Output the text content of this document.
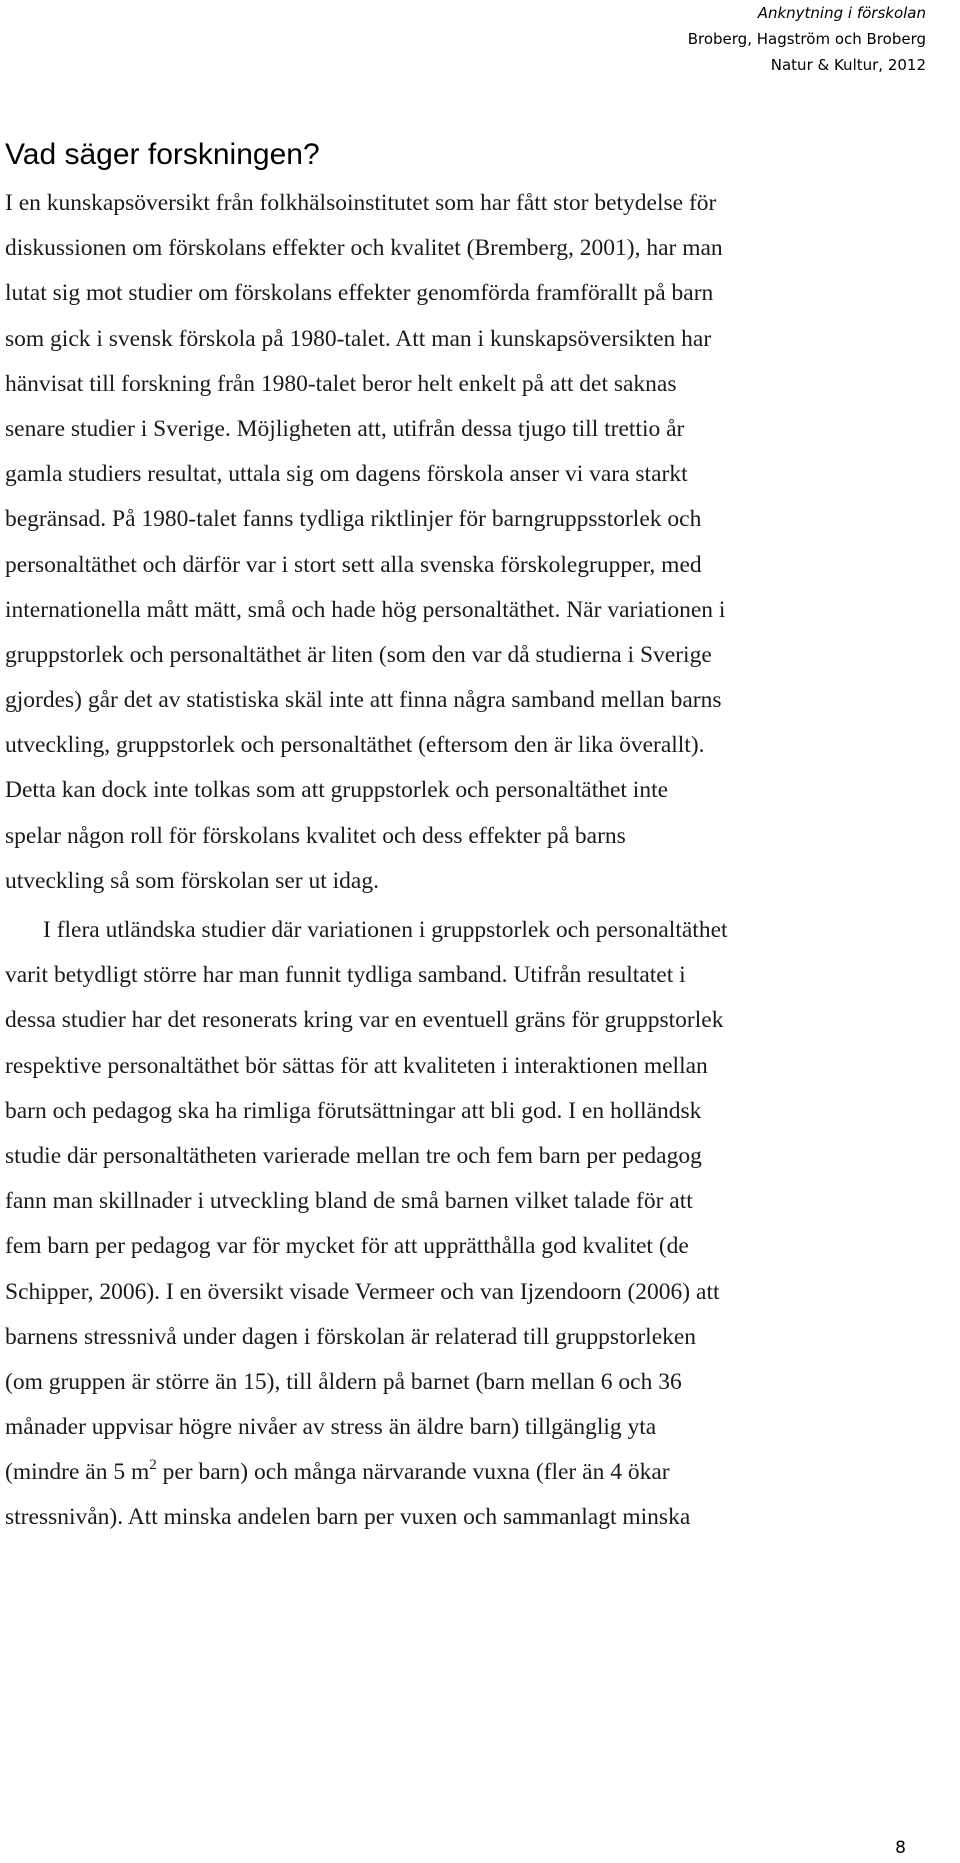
Anknytning i förskolan
Broberg, Hagström och Broberg
Natur & Kultur, 2012
Vad säger forskningen?
I en kunskapsöversikt från folkhälsoinstitutet som har fått stor betydelse för
diskussionen om förskolans effekter och kvalitet (Bremberg, 2001), har man
lutat sig mot studier om förskolans effekter genomförda framförallt på barn
som gick i svensk förskola på 1980-talet. Att man i kunskapsöversikten har
hänvisat till forskning från 1980-talet beror helt enkelt på att det saknas
senare studier i Sverige. Möjligheten att, utifrån dessa tjugo till trettio år
gamla studiers resultat, uttala sig om dagens förskola anser vi vara starkt
begränsad. På 1980-talet fanns tydliga riktlinjer för barngruppsstorlek och
personaltäthet och därför var i stort sett alla svenska förskolegrupper, med
internationella mått mätt, små och hade hög personaltäthet. När variationen i
gruppstorlek och personaltäthet är liten (som den var då studierna i Sverige
gjordes) går det av statistiska skäl inte att finna några samband mellan barns
utveckling, gruppstorlek och personaltäthet (eftersom den är lika överallt).
Detta kan dock inte tolkas som att gruppstorlek och personaltäthet inte
spelar någon roll för förskolans kvalitet och dess effekter på barns
utveckling så som förskolan ser ut idag.
I flera utländska studier där variationen i gruppstorlek och personaltäthet
varit betydligt större har man funnit tydliga samband. Utifrån resultatet i
dessa studier har det resonerats kring var en eventuell gräns för gruppstorlek
respektive personaltäthet bör sättas för att kvaliteten i interaktionen mellan
barn och pedagog ska ha rimliga förutsättningar att bli god. I en holländsk
studie där personaltätheten varierade mellan tre och fem barn per pedagog
fann man skillnader i utveckling bland de små barnen vilket talade för att
fem barn per pedagog var för mycket för att upprätthålla god kvalitet (de
Schipper, 2006). I en översikt visade Vermeer och van Ijzendoorn (2006) att
barnens stressnivå under dagen i förskolan är relaterad till gruppstorleken
(om gruppen är större än 15), till åldern på barnet (barn mellan 6 och 36
månader uppvisar högre nivåer av stress än äldre barn) tillgänglig yta
(mindre än 5 $m^2$ per barn) och många närvarande vuxna (fler än 4 ökar
stressnivån). Att minska andelen barn per vuxen och sammanlagt minska
8
